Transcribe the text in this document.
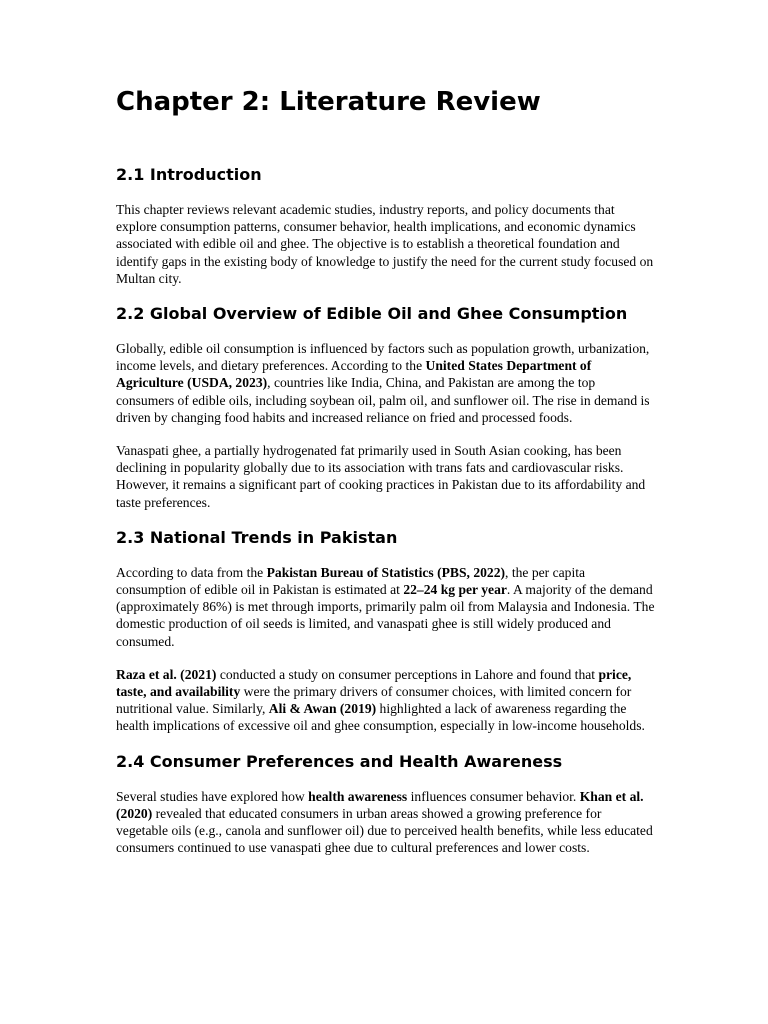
Chapter 2: Literature Review
2.1 Introduction

This chapter reviews relevant academic studies, industry reports, and policy documents that explore consumption patterns, consumer behavior, health implications, and economic dynamics associated with edible oil and ghee. The objective is to establish a theoretical foundation and identify gaps in the existing body of knowledge to justify the need for the current study focused on Multan city.

2.2 Global Overview of Edible Oil and Ghee Consumption

Globally, edible oil consumption is influenced by factors such as population growth, urbanization, income levels, and dietary preferences. According to the United States Department of Agriculture (USDA, 2023), countries like India, China, and Pakistan are among the top consumers of edible oils, including soybean oil, palm oil, and sunflower oil. The rise in demand is driven by changing food habits and increased reliance on fried and processed foods.

Vanaspati ghee, a partially hydrogenated fat primarily used in South Asian cooking, has been declining in popularity globally due to its association with trans fats and cardiovascular risks. However, it remains a significant part of cooking practices in Pakistan due to its affordability and taste preferences.

2.3 National Trends in Pakistan

According to data from the Pakistan Bureau of Statistics (PBS, 2022), the per capita consumption of edible oil in Pakistan is estimated at 22–24 kg per year. A majority of the demand (approximately 86%) is met through imports, primarily palm oil from Malaysia and Indonesia. The domestic production of oil seeds is limited, and vanaspati ghee is still widely produced and consumed.

Raza et al. (2021) conducted a study on consumer perceptions in Lahore and found that price, taste, and availability were the primary drivers of consumer choices, with limited concern for nutritional value. Similarly, Ali & Awan (2019) highlighted a lack of awareness regarding the health implications of excessive oil and ghee consumption, especially in low-income households.

2.4 Consumer Preferences and Health Awareness

Several studies have explored how health awareness influences consumer behavior. Khan et al. (2020) revealed that educated consumers in urban areas showed a growing preference for vegetable oils (e.g., canola and sunflower oil) due to perceived health benefits, while less educated consumers continued to use vanaspati ghee due to cultural preferences and lower costs.
